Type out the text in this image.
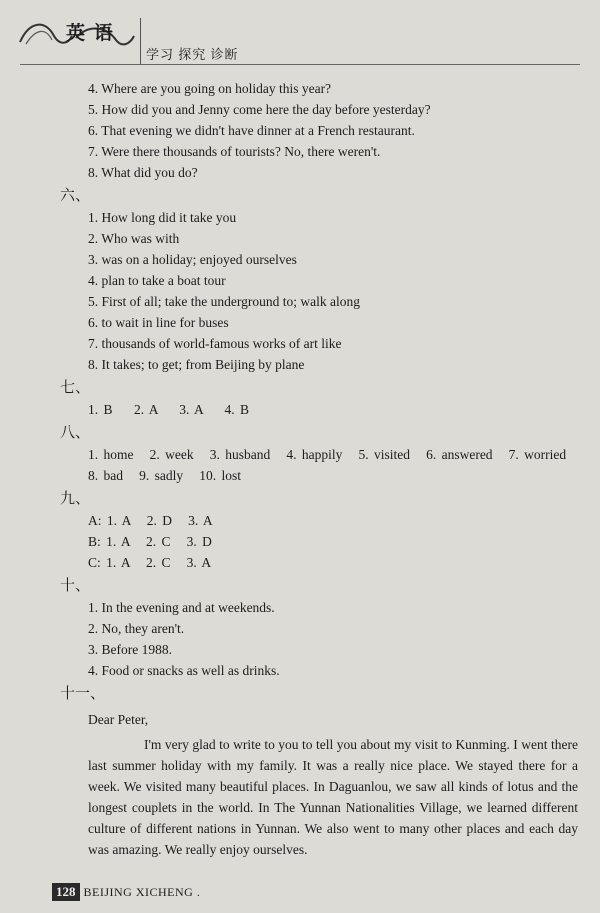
英 语
学习 探究 诊断
4. Where are you going on holiday this year?
5. How did you and Jenny come here the day before yesterday?
6. That evening we didn't have dinner at a French restaurant.
7. Were there thousands of tourists? No, there weren't.
8. What did you do?
六、
1. How long did it take you
2. Who was with
3. was on a holiday; enjoyed ourselves
4. plan to take a boat tour
5. First of all; take the underground to; walk along
6. to wait in line for buses
7. thousands of world-famous works of art like
8. It takes; to get; from Beijing by plane
七、
1. B    2. A    3. A    4. B
八、
1. home   2. week   3. husband   4. happily   5. visited   6. answered   7. worried
8. bad   9. sadly   10. lost
九、
A: 1. A   2. D   3. A
B: 1. A   2. C   3. D
C: 1. A   2. C   3. A
十、
1. In the evening and at weekends.
2. No, they aren't.
3. Before 1988.
4. Food or snacks as well as drinks.
十一、
Dear Peter,
I'm very glad to write to you to tell you about my visit to Kunming. I went there last summer holiday with my family. It was a really nice place. We stayed there for a week. We visited many beautiful places. In Daguanlou, we saw all kinds of lotus and the longest couplets in the world. In The Yunnan Nationalities Village, we learned different culture of different nations in Yunnan. We also went to many other places and each day was amazing. We really enjoy ourselves.
128 BEIJING XICHENG .
